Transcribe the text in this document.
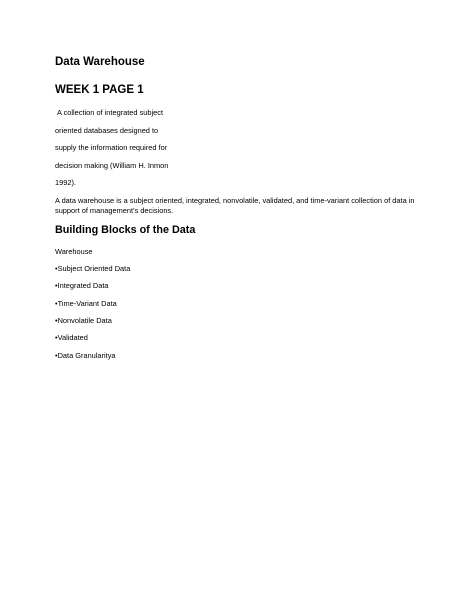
Data Warehouse
WEEK 1 PAGE 1
A collection of integrated subject
oriented databases designed to
supply the information required for
decision making (William H. Inmon
1992).
A data warehouse is a subject oriented, integrated, nonvolatile, validated, and time-variant collection of data in support of management’s decisions.
Building Blocks of the Data
Warehouse
•Subject Oriented Data
•Integrated Data
•Time-Variant Data
•Nonvolatile Data
•Validated
•Data Granularitya
